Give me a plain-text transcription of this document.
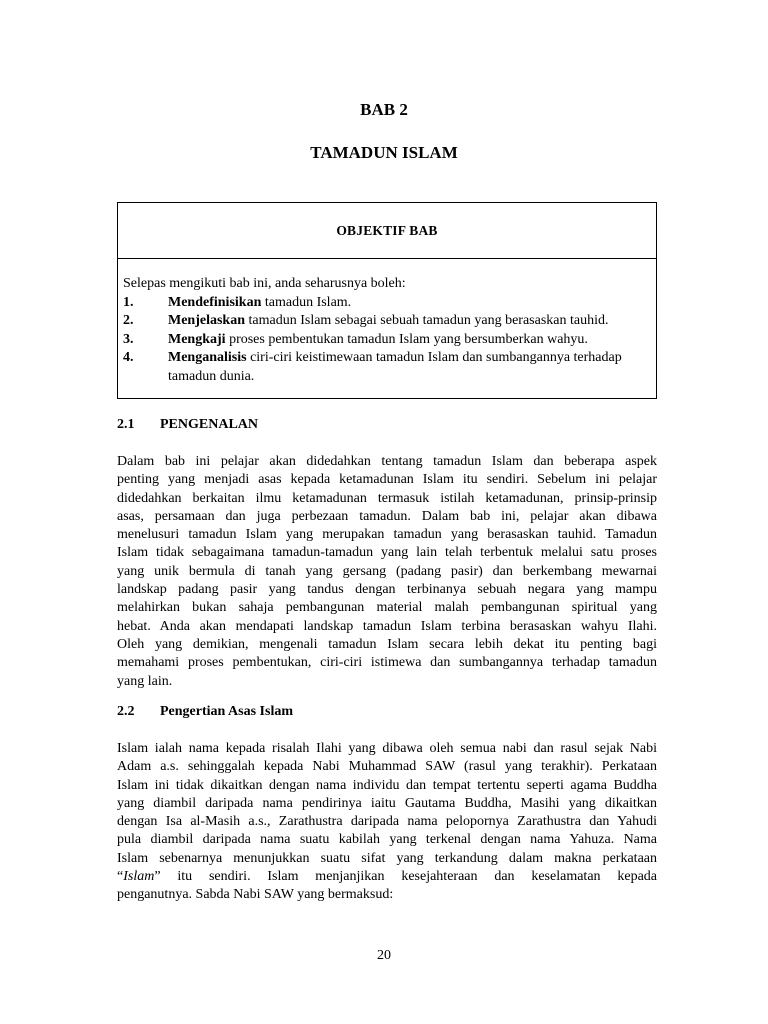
BAB 2
TAMADUN ISLAM
OBJEKTIF BAB
Selepas mengikuti bab ini, anda seharusnya boleh:
1.	Mendefinisikan tamadun Islam.
2.	Menjelaskan tamadun Islam sebagai sebuah tamadun yang berasaskan tauhid.
3.	Mengkaji proses pembentukan tamadun Islam yang bersumberkan wahyu.
4.	Menganalisis ciri-ciri keistimewaan tamadun Islam dan sumbangannya terhadap
tamadun dunia.
2.1	PENGENALAN
Dalam bab ini pelajar akan didedahkan tentang tamadun Islam dan beberapa aspek
penting yang menjadi asas kepada ketamadunan Islam itu sendiri. Sebelum ini pelajar
didedahkan berkaitan ilmu ketamadunan termasuk istilah ketamadunan, prinsip-prinsip
asas, persamaan dan juga perbezaan tamadun. Dalam bab ini, pelajar akan dibawa
menelusuri tamadun Islam yang merupakan tamadun yang berasaskan tauhid. Tamadun
Islam tidak sebagaimana tamadun-tamadun yang lain telah terbentuk melalui satu proses
yang unik bermula di tanah yang gersang (padang pasir) dan berkembang mewarnai
landskap padang pasir yang tandus dengan terbinanya sebuah negara yang mampu
melahirkan bukan sahaja pembangunan material malah pembangunan spiritual yang
hebat. Anda akan mendapati landskap tamadun Islam terbina berasaskan wahyu Ilahi.
Oleh yang demikian, mengenali tamadun Islam secara lebih dekat itu penting bagi
memahami proses pembentukan, ciri-ciri istimewa dan sumbangannya terhadap tamadun
yang lain.
2.2	Pengertian Asas Islam
Islam ialah nama kepada risalah Ilahi yang dibawa oleh semua nabi dan rasul sejak Nabi
Adam a.s. sehinggalah kepada Nabi Muhammad SAW (rasul yang terakhir). Perkataan
Islam ini tidak dikaitkan dengan nama individu dan tempat tertentu seperti agama Buddha
yang diambil daripada nama pendirinya iaitu Gautama Buddha, Masihi yang dikaitkan
dengan Isa al-Masih a.s., Zarathustra daripada nama pelopornya Zarathustra dan Yahudi
pula diambil daripada nama suatu kabilah yang terkenal dengan nama Yahuza. Nama
Islam sebenarnya menunjukkan suatu sifat yang terkandung dalam makna perkataan
“Islam” itu sendiri. Islam menjanjikan kesejahteraan dan keselamatan kepada
penganutnya. Sabda Nabi SAW yang bermaksud:
20
